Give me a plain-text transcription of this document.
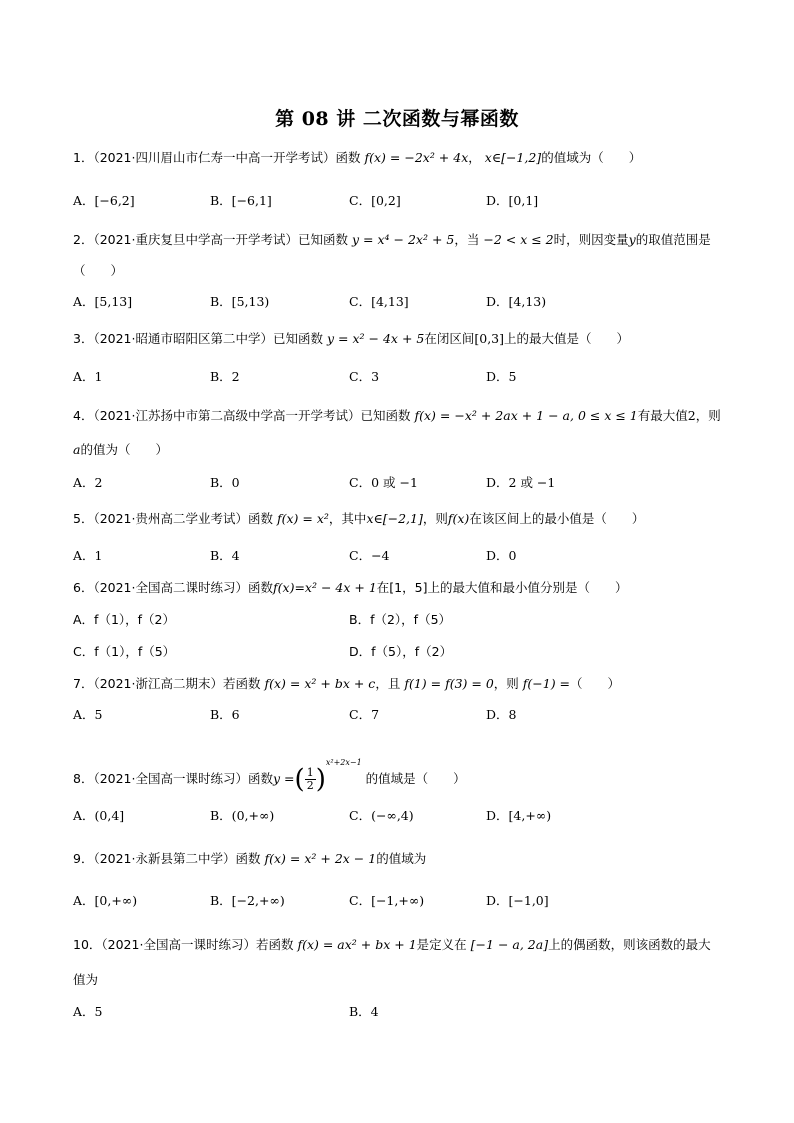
第 08 讲 二次函数与幂函数
1．（2021·四川眉山市仁寿一中高一开学考试）函数 f(x) = −2x² + 4x， x∈[−1,2]的值域为（　　）
A．[−6,2]	B．[−6,1]	C．[0,2]	D．[0,1]
2．（2021·重庆复旦中学高一开学考试）已知函数 y = x⁴ − 2x² + 5，当 −2 < x ≤ 2时，则因变量y的取值范围是
（　　）
A．[5,13]	B．[5,13)	C．[4,13]	D．[4,13)
3．（2021·昭通市昭阳区第二中学）已知函数 y = x² − 4x + 5在闭区间[0,3]上的最大值是（　　）
A．1	B．2	C．3	D．5
4．（2021·江苏扬中市第二高级中学高一开学考试）已知函数 f(x) = −x² + 2ax + 1 − a, 0 ≤ x ≤ 1有最大值2，则
a的值为（　　）
A．2	B．0	C．0 或 −1	D．2 或 −1
5．（2021·贵州高二学业考试）函数 f(x) = x²，其中x∈[−2,1]，则f(x)在该区间上的最小值是（　　）
A．1	B．4	C．−4	D．0
6．（2021·全国高二课时练习）函数f(x)=x² − 4x + 1在[1，5]上的最大值和最小值分别是（　　）
A．f（1），f（2）	B．f（2），f（5）
C．f（1），f（5）	D．f（5），f（2）
7．（2021·浙江高二期末）若函数 f(x) = x² + bx + c，且 f(1) = f(3) = 0，则 f(−1) =（　　）
A．5	B．6	C．7	D．8
8．（2021·全国高一课时练习）函数y =( $\frac{1}{2} )^{x^2+2x-1}$ 的值域是（　　）
A．(0,4]	B．(0,+∞)	C．(−∞,4)	D．[4,+∞)
9．（2021·永新县第二中学）函数 f(x) = x² + 2x − 1的值域为
A．[0,+∞)	B．[−2,+∞)	C．[−1,+∞)	D．[−1,0]
10．（2021·全国高一课时练习）若函数 f(x) = ax² + bx + 1是定义在 [−1 − a, 2a]上的偶函数，则该函数的最大
值为
A．5	B．4
